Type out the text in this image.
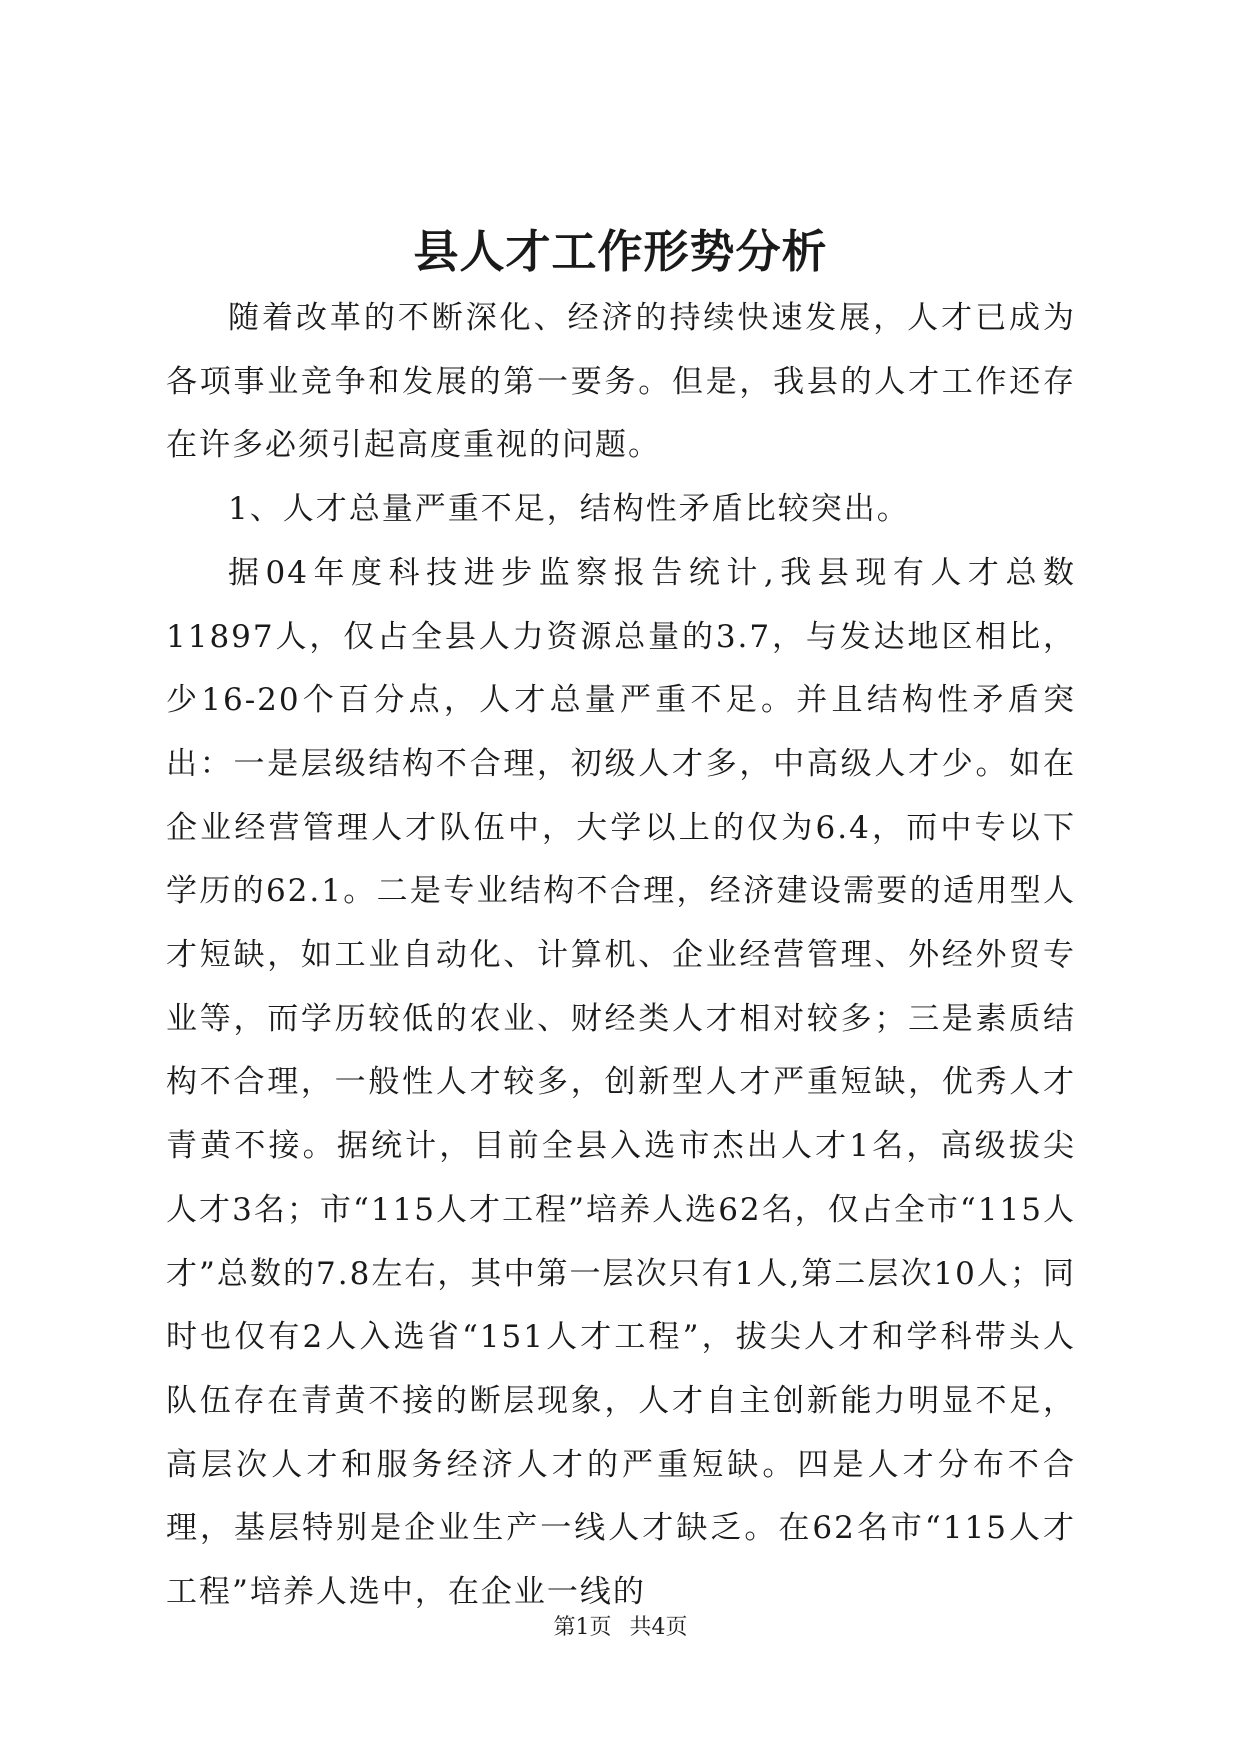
县人才工作形势分析

随着改革的不断深化、经济的持续快速发展，人才已成为各项事业竞争和发展的第一要务。但是，我县的人才工作还存在许多必须引起高度重视的问题。

1、人才总量严重不足，结构性矛盾比较突出。

据04年度科技进步监察报告统计,我县现有人才总数11897人，仅占全县人力资源总量的3.7，与发达地区相比，少16-20个百分点，人才总量严重不足。并且结构性矛盾突出：一是层级结构不合理，初级人才多，中高级人才少。如在企业经营管理人才队伍中，大学以上的仅为6.4，而中专以下学历的62.1。二是专业结构不合理，经济建设需要的适用型人才短缺，如工业自动化、计算机、企业经营管理、外经外贸专业等，而学历较低的农业、财经类人才相对较多；三是素质结构不合理，一般性人才较多，创新型人才严重短缺，优秀人才青黄不接。据统计，目前全县入选市杰出人才1名，高级拔尖人才3名；市“115人才工程”培养人选62名，仅占全市“115人才”总数的7.8左右，其中第一层次只有1人,第二层次10人；同时也仅有2人入选省“151人才工程”，拔尖人才和学科带头人队伍存在青黄不接的断层现象，人才自主创新能力明显不足，高层次人才和服务经济人才的严重短缺。四是人才分布不合理，基层特别是企业生产一线人才缺乏。在62名市“115人才工程”培养人选中，在企业一线的

第1页 共4页
